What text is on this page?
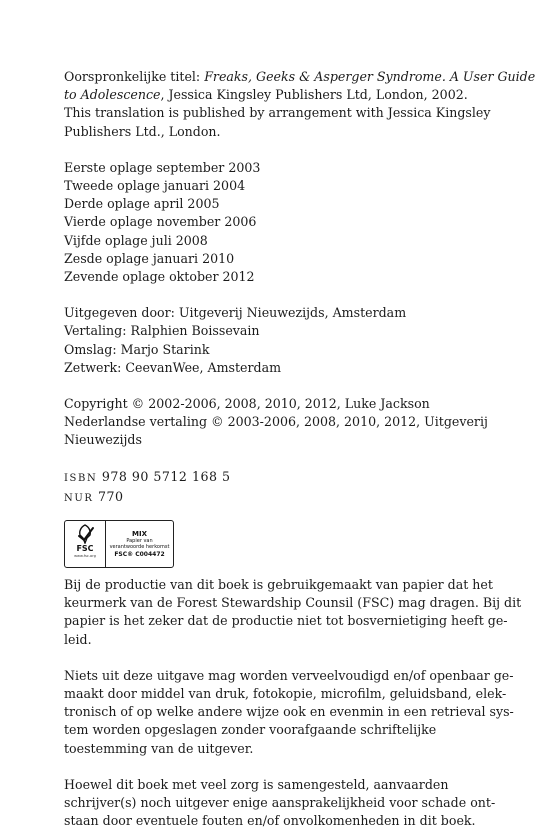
Oorspronkelijke titel: Freaks, Geeks & Asperger Syndrome. A User Guide
to Adolescence, Jessica Kingsley Publishers Ltd, London, 2002.
This translation is published by arrangement with Jessica Kingsley
Publishers Ltd., London.
Eerste oplage september 2003
Tweede oplage januari 2004
Derde oplage april 2005
Vierde oplage november 2006
Vijfde oplage juli 2008
Zesde oplage januari 2010
Zevende oplage oktober 2012
Uitgegeven door: Uitgeverij Nieuwezijds, Amsterdam
Vertaling: Ralphien Boissevain
Omslag: Marjo Starink
Zetwerk: CeevanWee, Amsterdam
Copyright © 2002-2006, 2008, 2010, 2012, Luke Jackson
Nederlandse vertaling © 2003-2006, 2008, 2010, 2012, Uitgeverij
Nieuwezijds
ISBN 978 90 5712 168 5
NUR 770
FSC
www.fsc.org
MIX
Papier van
verantwoorde herkomst
FSC® C004472
Bij de productie van dit boek is gebruikgemaakt van papier dat het
keurmerk van de Forest Stewardship Counsil (FSC) mag dragen. Bij dit
papier is het zeker dat de productie niet tot bosvernietiging heeft ge-
leid.
Niets uit deze uitgave mag worden verveelvoudigd en/of openbaar ge-
maakt door middel van druk, fotokopie, microfilm, geluidsband, elek-
tronisch of op welke andere wijze ook en evenmin in een retrieval sys-
tem worden opgeslagen zonder voorafgaande schriftelijke
toestemming van de uitgever.
Hoewel dit boek met veel zorg is samengesteld, aanvaarden
schrijver(s) noch uitgever enige aansprakelijkheid voor schade ont-
staan door eventuele fouten en/of onvolkomenheden in dit boek.
